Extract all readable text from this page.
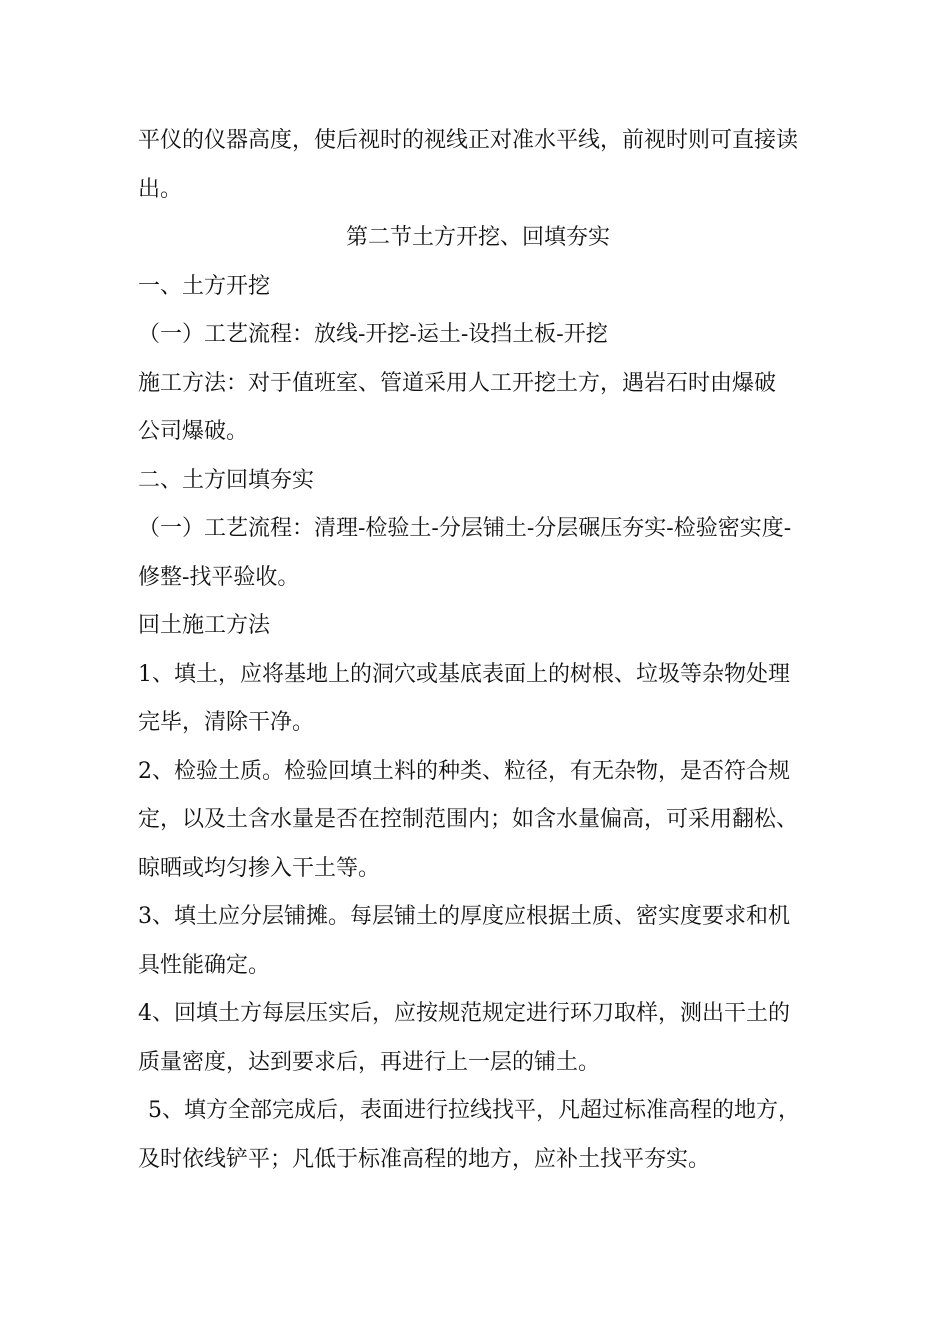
平仪的仪器高度，使后视时的视线正对准水平线，前视时则可直接读

出。

第二节土方开挖、回填夯实

一、土方开挖

（一）工艺流程：放线-开挖-运土-设挡土板-开挖

施工方法：对于值班室、管道采用人工开挖土方，遇岩石时由爆破

公司爆破。

二、土方回填夯实

（一）工艺流程：清理-检验土-分层铺土-分层碾压夯实-检验密实度-

修整-找平验收。

回土施工方法

1、填土，应将基地上的洞穴或基底表面上的树根、垃圾等杂物处理

完毕，清除干净。

2、检验土质。检验回填土料的种类、粒径，有无杂物，是否符合规

定，以及土含水量是否在控制范围内；如含水量偏高，可采用翻松、

晾晒或均匀掺入干土等。

3、填土应分层铺摊。每层铺土的厚度应根据土质、密实度要求和机

具性能确定。

4、回填土方每层压实后，应按规范规定进行环刀取样，测出干土的

质量密度，达到要求后，再进行上一层的铺土。

5、填方全部完成后，表面进行拉线找平，凡超过标准高程的地方，

及时依线铲平；凡低于标准高程的地方，应补土找平夯实。
